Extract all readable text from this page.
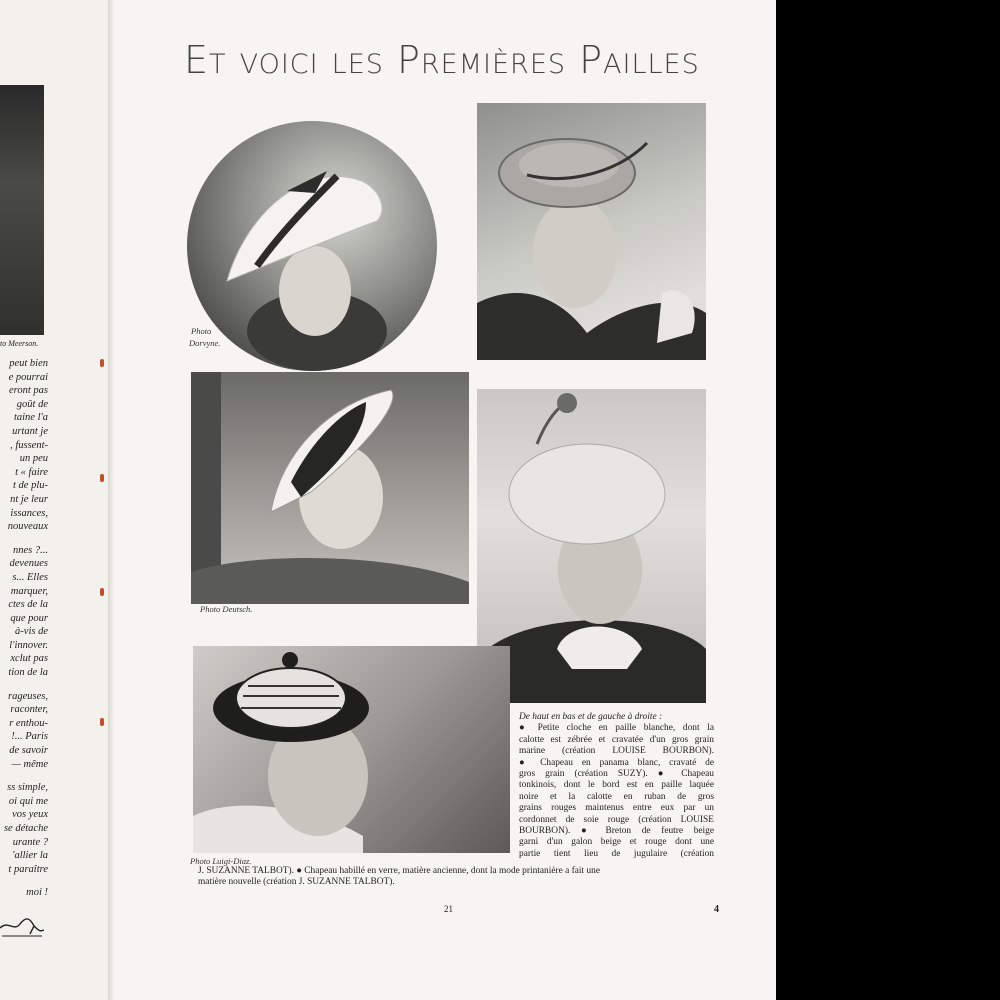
to Meerson.
peut bien
e pourrai
eront pas
goût de
taine l'a
urtant je
, fussent-
un peu
t « faire
t de plu-
nt je leur
issances,
nouveaux
nnes ?...
devenues
s... Elles
marquer,
ctes de la
que pour
à-vis de
l'innover.
xclut pas
tion de la
rageuses,
raconter,
r enthou-
!... Paris
de savoir
— même
ss simple,
oi qui me
vos yeux
se détache
urante ?
'allier la
t paraître
moi !
Et voici les Premières Pailles
Photo
Dorvyne.
Photo Deutsch.
Photo Luigi-Diaz.
De haut en bas et de gauche à droite :
● Petite cloche en paille blanche, dont la
calotte est zébrée et cravatée d'un gros grain
marine (création LOUISE BOURBON).
● Chapeau en panama blanc, cravaté de
gros grain (création SUZY). ● Chapeau
tonkinois, dont le bord est en paille laquée
noire et la calotte en ruban de gros
grains rouges maintenus entre eux par un
cordonnet de soie rouge (création LOUISE
BOURBON). ● Breton de feutre beige
garni d'un galon beige et rouge dont une
partie tient lieu de jugulaire (création
J. SUZANNE TALBOT). ● Chapeau habillé en verre, matière ancienne, dont la mode printanière a fait une
matière nouvelle (création J. SUZANNE TALBOT).
21	4
